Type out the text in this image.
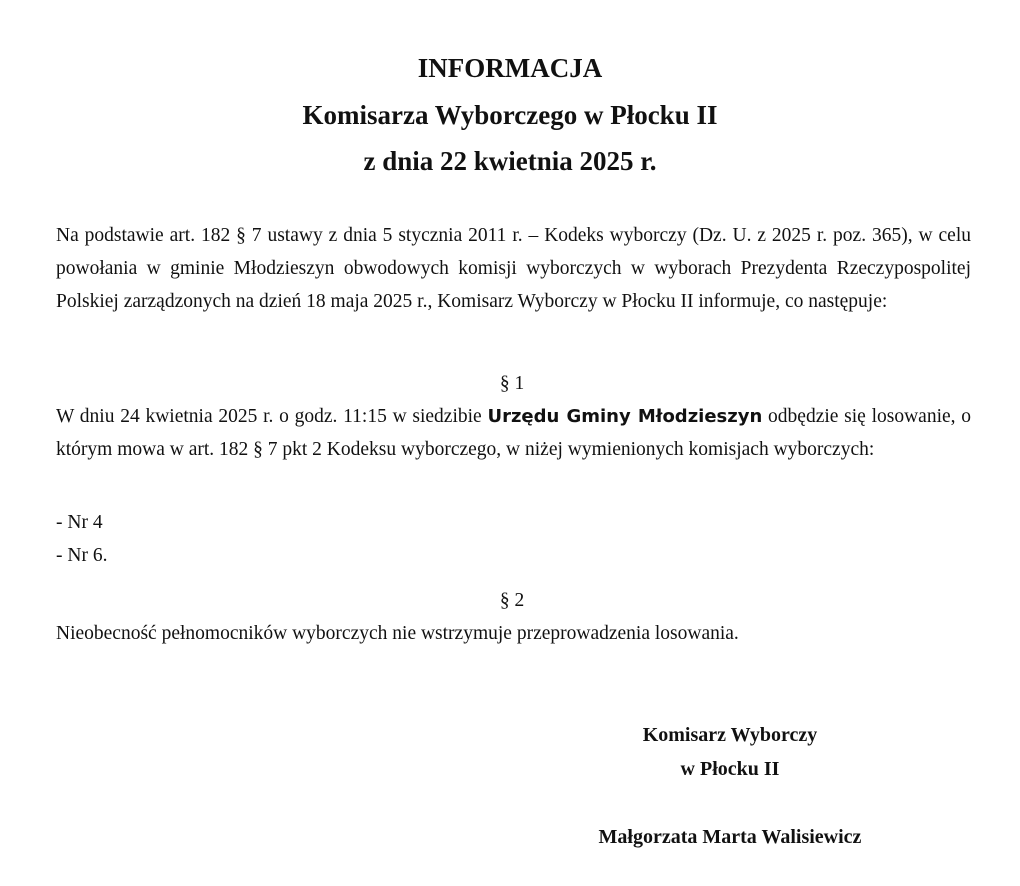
INFORMACJA

Komisarza Wyborczego w Płocku II

z dnia 22 kwietnia 2025 r.

Na podstawie art. 182 § 7 ustawy z dnia 5 stycznia 2011 r. – Kodeks wyborczy (Dz. U. z 2025 r. poz. 365), w celu powołania w gminie Młodzieszyn obwodowych komisji wyborczych w wyborach Prezydenta Rzeczypospolitej Polskiej zarządzonych na dzień 18 maja 2025 r., Komisarz Wyborczy w Płocku II informuje, co następuje:

§ 1

W dniu 24 kwietnia 2025 r. o godz. 11:15 w siedzibie Urzędu Gminy Młodzieszyn odbędzie się losowanie, o którym mowa w art. 182 § 7 pkt 2 Kodeksu wyborczego, w niżej wymienionych komisjach wyborczych:

- Nr 4
- Nr 6.

§ 2

Nieobecność pełnomocników wyborczych nie wstrzymuje przeprowadzenia losowania.

Komisarz Wyborczy

w Płocku II

Małgorzata Marta Walisiewicz
